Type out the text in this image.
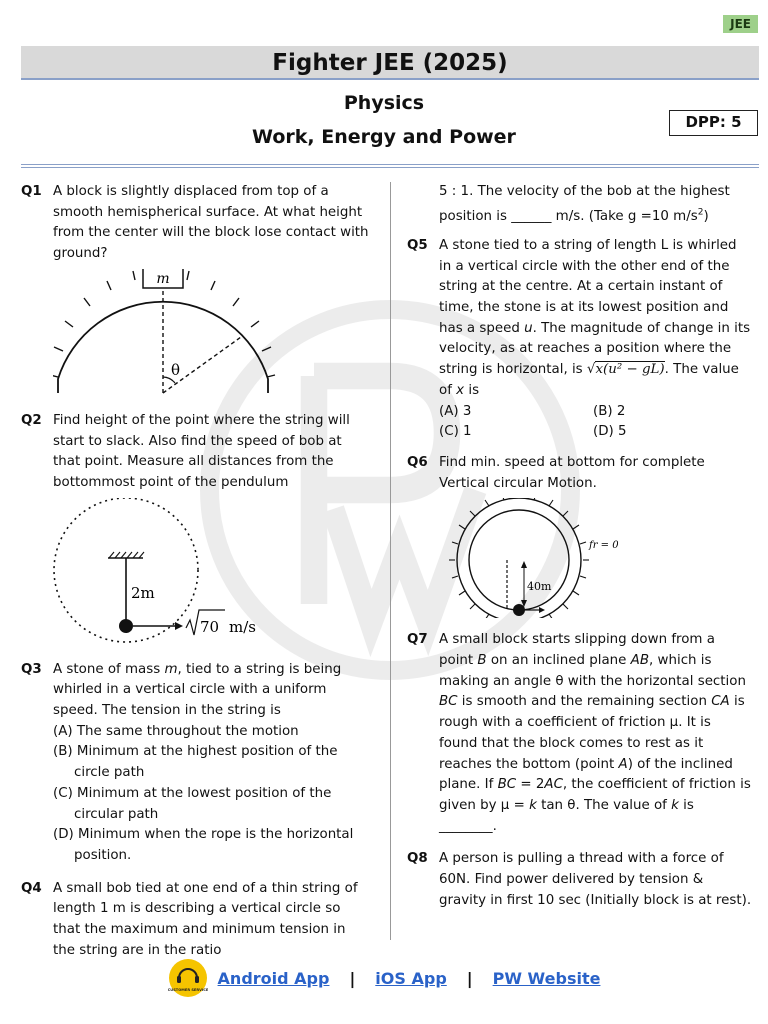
JEE
Fighter JEE (2025)
Physics
Work, Energy and Power
DPP: 5
Q1 A block is slightly displaced from top of a smooth hemispherical surface. At what height from the center will the block lose contact with ground?
m
θ
Q2 Find height of the point where the string will start to slack. Also find the speed of bob at that point. Measure all distances from the bottommost point of the pendulum
2m
70 m/s
Q3 A stone of mass m, tied to a string is being whirled in a vertical circle with a uniform speed. The tension in the string is
(A) The same throughout the motion
(B) Minimum at the highest position of the circle path
(C) Minimum at the lowest position of the circular path
(D) Minimum when the rope is the horizontal position.
Q4 A small bob tied at one end of a thin string of length 1 m is describing a vertical circle so that the maximum and minimum tension in the string are in the ratio
5 : 1. The velocity of the bob at the highest position is ______ m/s. (Take g =10 $m/s^2$)
Q5 A stone tied to a string of length L is whirled in a vertical circle with the other end of the string at the centre. At a certain instant of time, the stone is at its lowest position and has a speed u. The magnitude of change in its velocity, as at reaches a position where the string is horizontal, is √x(u² − gL). The value of x is
(A) 3	(B) 2
(C) 1	(D) 5
Q6 Find min. speed at bottom for complete Vertical circular Motion.
40m
fr = 0
Q7 A small block starts slipping down from a point B on an inclined plane AB, which is making an angle θ with the horizontal section BC is smooth and the remaining section CA is rough with a coefficient of friction μ. It is found that the block comes to rest as it reaches the bottom (point A) of the inclined plane. If BC = 2AC, the coefficient of friction is given by μ = k tan θ. The value of k is ________.
Q8 A person is pulling a thread with a force of 60N. Find power delivered by tension & gravity in first 10 sec (Initially block is at rest).
CUSTOMER SERVICE
Android App | iOS App | PW Website
